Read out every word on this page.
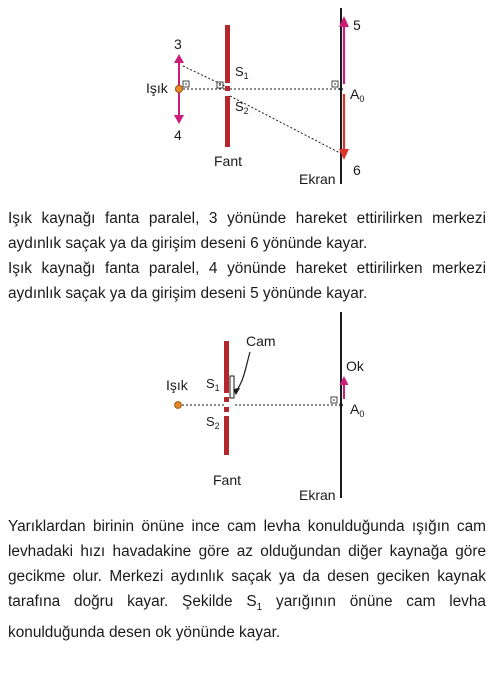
3
4
Işık
$S_1$
$S_2$
5
6
$A_0$
Fant
Ekran
Cam
Işık $S_1$
$S_2$
Ok
$A_0$
Fant
Ekran
Işık kaynağı fanta paralel, 3 yönünde hareket ettirilirken merkezi aydınlık saçak ya da girişim deseni 6 yönünde kayar.
Işık kaynağı fanta paralel, 4 yönünde hareket ettirilirken merkezi aydınlık saçak ya da girişim deseni 5 yönünde kayar.

Yarıklardan birinin önüne ince cam levha konulduğunda ışığın cam levhadaki hızı havadakine göre az olduğundan diğer kaynağa göre gecikme olur. Merkezi aydınlık saçak ya da desen geciken kaynak tarafına doğru kayar. Şekilde $S_1$ yarığının önüne cam levha konulduğunda desen ok yönünde kayar.
